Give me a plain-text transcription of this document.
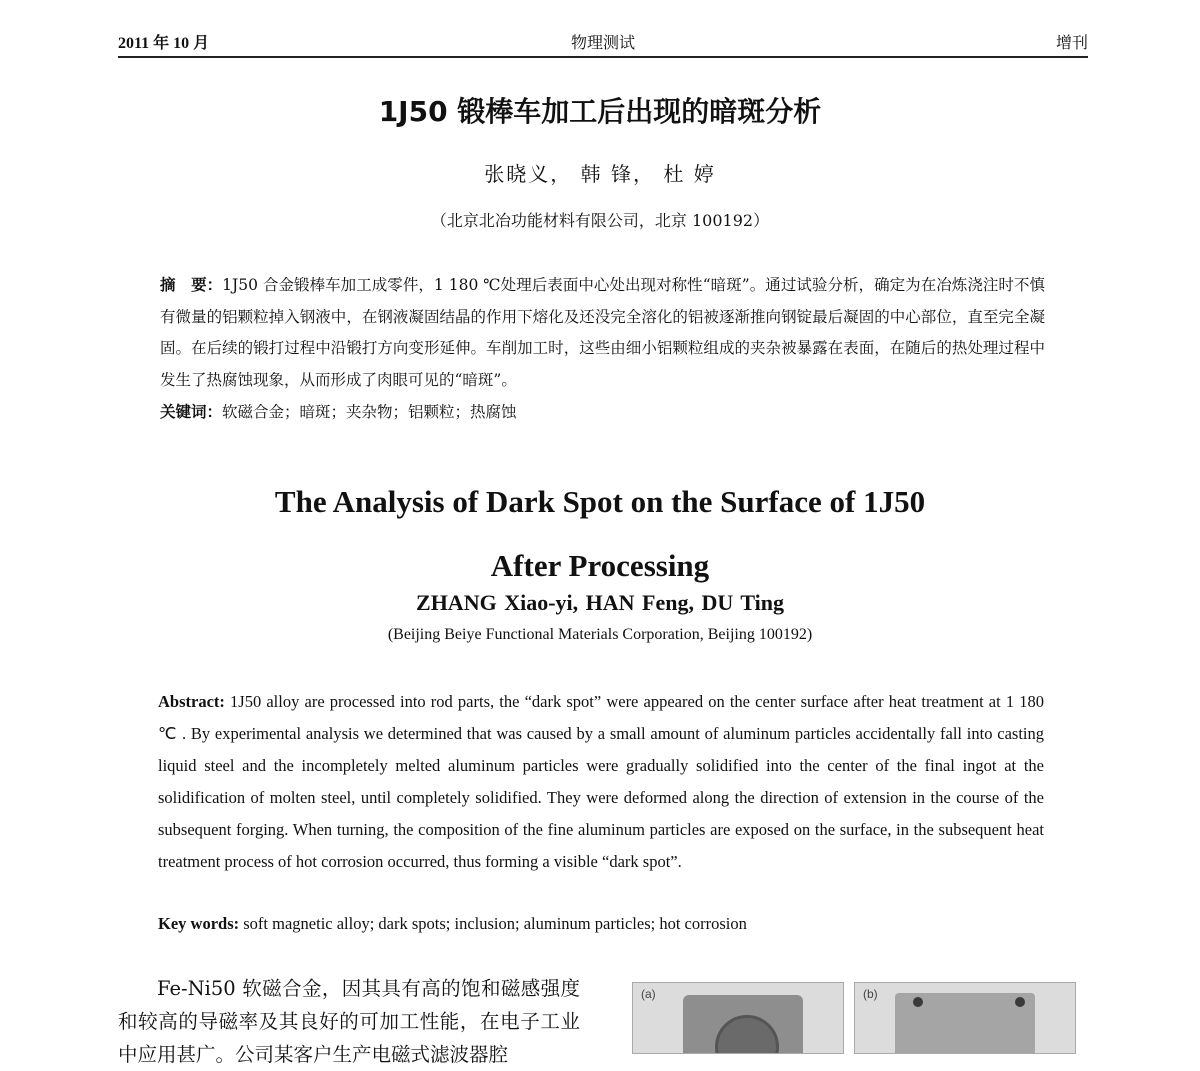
2011 年 10 月	物理测试	增刊
1J50 锻棒车加工后出现的暗斑分析
张晓义， 韩 锋， 杜 婷
（北京北冶功能材料有限公司，北京 100192）
摘　要：1J50 合金锻棒车加工成零件，1 180 ℃处理后表面中心处出现对称性“暗斑”。通过试验分析，确定为在冶炼浇注时不慎有微量的铝颗粒掉入钢液中，在钢液凝固结晶的作用下熔化及还没完全溶化的铝被逐渐推向钢锭最后凝固的中心部位，直至完全凝固。在后续的锻打过程中沿锻打方向变形延伸。车削加工时，这些由细小铝颗粒组成的夹杂被暴露在表面，在随后的热处理过程中发生了热腐蚀现象，从而形成了肉眼可见的“暗斑”。
关键词：软磁合金；暗斑；夹杂物；铝颗粒；热腐蚀
The Analysis of Dark Spot on the Surface of 1J50
After Processing
ZHANG Xiao-yi, HAN Feng, DU Ting
(Beijing Beiye Functional Materials Corporation, Beijing 100192)
Abstract: 1J50 alloy are processed into rod parts, the “dark spot” were appeared on the center surface after heat treatment at 1 180 ℃ . By experimental analysis we determined that was caused by a small amount of aluminum particles accidentally fall into casting liquid steel and the incompletely melted aluminum particles were gradually solidified into the center of the final ingot at the solidification of molten steel, until completely solidified. They were deformed along the direction of extension in the course of the subsequent forging. When turning, the composition of the fine aluminum particles are exposed on the surface, in the subsequent heat treatment process of hot corrosion occurred, thus forming a visible “dark spot”.
Key words: soft magnetic alloy; dark spots; inclusion; aluminum particles; hot corrosion
Fe-Ni50 软磁合金，因其具有高的饱和磁感强度和较高的导磁率及其良好的可加工性能，在电子工业中应用甚广。公司某客户生产电磁式滤波器腔
(a)	(b)
